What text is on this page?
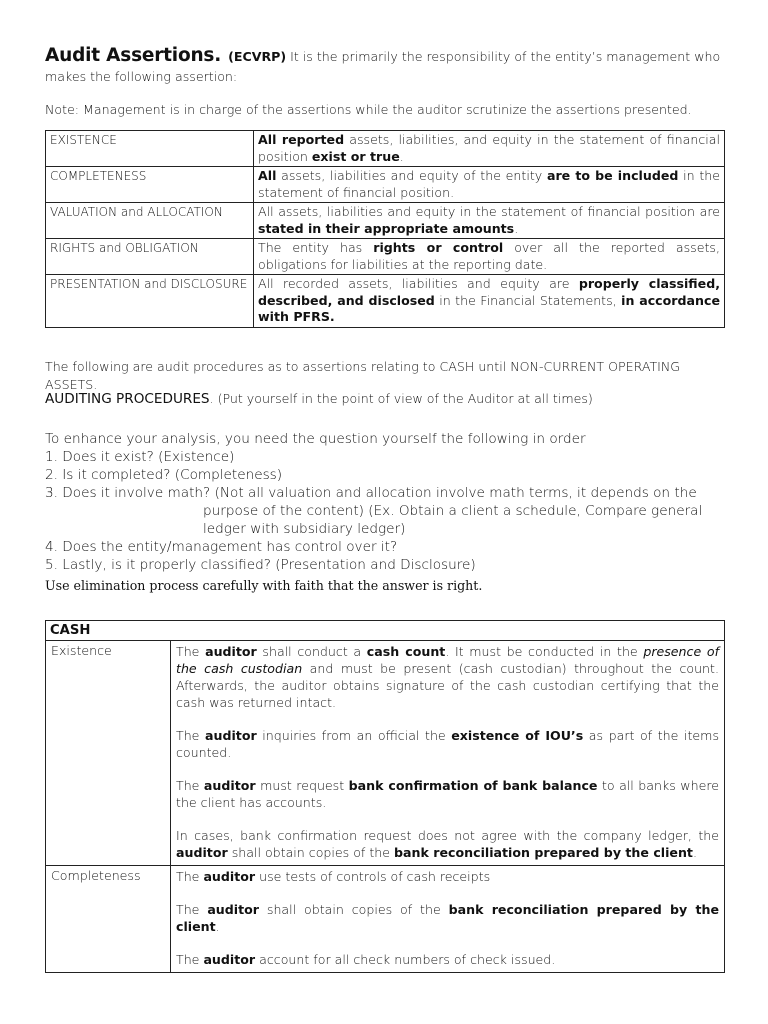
Audit Assertions. (ECVRP) It is the primarily the responsibility of the entity’s management who makes the following assertion:

Note: Management is in charge of the assertions while the auditor scrutinize the assertions presented.

EXISTENCE	All reported assets, liabilities, and equity in the statement of financial position exist or true.
COMPLETENESS	All assets, liabilities and equity of the entity are to be included in the statement of financial position.
VALUATION and ALLOCATION	All assets, liabilities and equity in the statement of financial position are stated in their appropriate amounts.
RIGHTS and OBLIGATION	The entity has rights or control over all the reported assets, obligations for liabilities at the reporting date.
PRESENTATION and DISCLOSURE	All recorded assets, liabilities and equity are properly classified, described, and disclosed in the Financial Statements, in accordance with PFRS.

The following are audit procedures as to assertions relating to CASH until NON-CURRENT OPERATING ASSETS.

AUDITING PROCEDURES. (Put yourself in the point of view of the Auditor at all times)

To enhance your analysis, you need the question yourself the following in order

1. Does it exist? (Existence)

2. Is it completed? (Completeness)

3. Does it involve math? (Not all valuation and allocation involve math terms, it depends on the

purpose of the content) (Ex. Obtain a client a schedule, Compare general

ledger with subsidiary ledger)

4. Does the entity/management has control over it?

5. Lastly, is it properly classified? (Presentation and Disclosure)

Use elimination process carefully with faith that the answer is right.

CASH	
Existence	The auditor shall conduct a cash count. It must be conducted in the presence of the cash custodian and must be present (cash custodian) throughout the count. Afterwards, the auditor obtains signature of the cash custodian certifying that the cash was returned intact.

The auditor inquiries from an official the existence of IOU’s as part of the items counted.

The auditor must request bank confirmation of bank balance to all banks where the client has accounts.

In cases, bank confirmation request does not agree with the company ledger, the auditor shall obtain copies of the bank reconciliation prepared by the client.

Completeness	The auditor use tests of controls of cash receipts

The auditor shall obtain copies of the bank reconciliation prepared by the client.

The auditor account for all check numbers of check issued.
